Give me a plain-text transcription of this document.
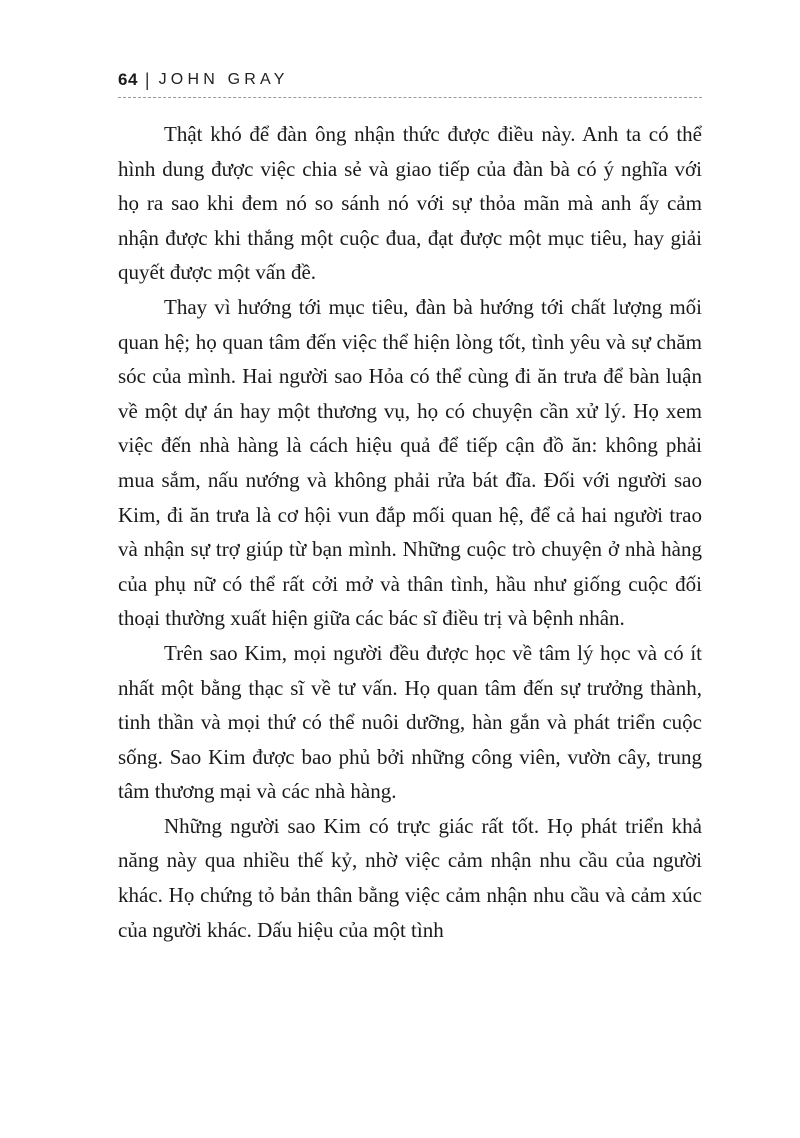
64 | JOHN GRAY

Thật khó để đàn ông nhận thức được điều này. Anh ta có thể hình dung được việc chia sẻ và giao tiếp của đàn bà có ý nghĩa với họ ra sao khi đem nó so sánh nó với sự thỏa mãn mà anh ấy cảm nhận được khi thắng một cuộc đua, đạt được một mục tiêu, hay giải quyết được một vấn đề.

Thay vì hướng tới mục tiêu, đàn bà hướng tới chất lượng mối quan hệ; họ quan tâm đến việc thể hiện lòng tốt, tình yêu và sự chăm sóc của mình. Hai người sao Hỏa có thể cùng đi ăn trưa để bàn luận về một dự án hay một thương vụ, họ có chuyện cần xử lý. Họ xem việc đến nhà hàng là cách hiệu quả để tiếp cận đồ ăn: không phải mua sắm, nấu nướng và không phải rửa bát đĩa. Đối với người sao Kim, đi ăn trưa là cơ hội vun đắp mối quan hệ, để cả hai người trao và nhận sự trợ giúp từ bạn mình. Những cuộc trò chuyện ở nhà hàng của phụ nữ có thể rất cởi mở và thân tình, hầu như giống cuộc đối thoại thường xuất hiện giữa các bác sĩ điều trị và bệnh nhân.

Trên sao Kim, mọi người đều được học về tâm lý học và có ít nhất một bằng thạc sĩ về tư vấn. Họ quan tâm đến sự trưởng thành, tinh thần và mọi thứ có thể nuôi dưỡng, hàn gắn và phát triển cuộc sống. Sao Kim được bao phủ bởi những công viên, vườn cây, trung tâm thương mại và các nhà hàng.

Những người sao Kim có trực giác rất tốt. Họ phát triển khả năng này qua nhiều thế kỷ, nhờ việc cảm nhận nhu cầu của người khác. Họ chứng tỏ bản thân bằng việc cảm nhận nhu cầu và cảm xúc của người khác. Dấu hiệu của một tình
